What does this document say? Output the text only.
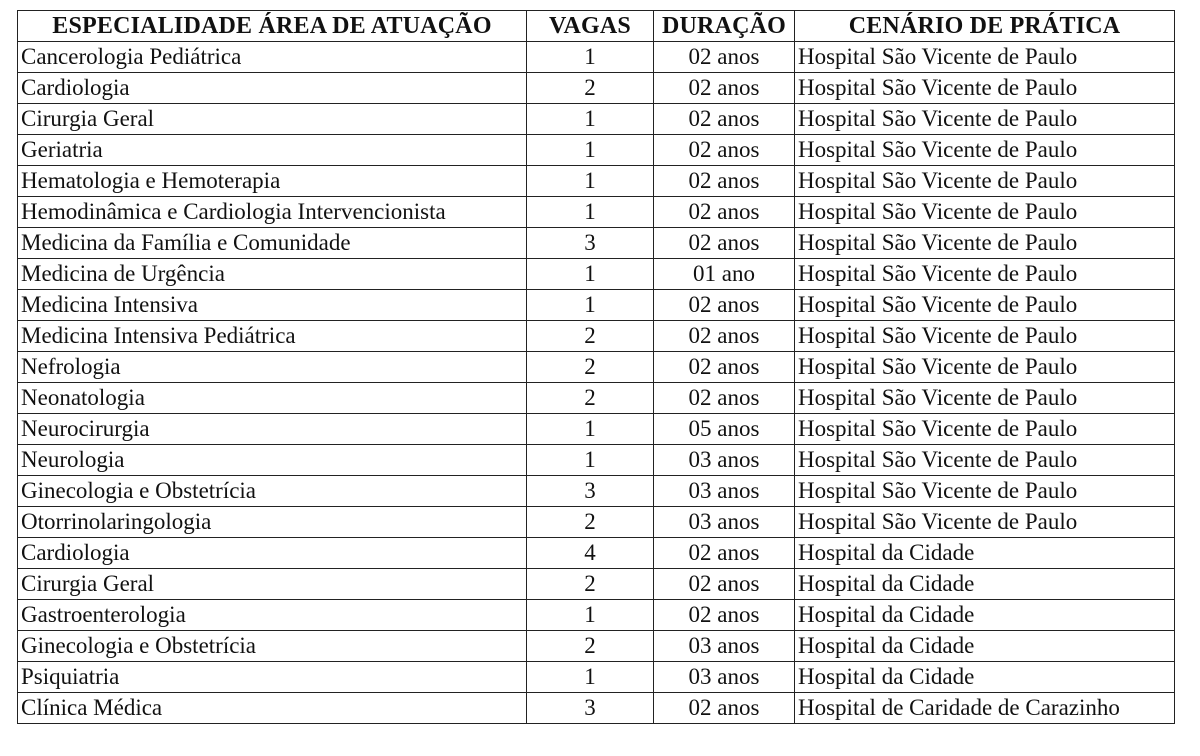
ESPECIALIDADE ÁREA DE ATUAÇÃO	VAGAS	DURAÇÃO	CENÁRIO DE PRÁTICA
Cancerologia Pediátrica	1	02 anos	Hospital São Vicente de Paulo
Cardiologia	2	02 anos	Hospital São Vicente de Paulo
Cirurgia Geral	1	02 anos	Hospital São Vicente de Paulo
Geriatria	1	02 anos	Hospital São Vicente de Paulo
Hematologia e Hemoterapia	1	02 anos	Hospital São Vicente de Paulo
Hemodinâmica e Cardiologia Intervencionista	1	02 anos	Hospital São Vicente de Paulo
Medicina da Família e Comunidade	3	02 anos	Hospital São Vicente de Paulo
Medicina de Urgência	1	01 ano	Hospital São Vicente de Paulo
Medicina Intensiva	1	02 anos	Hospital São Vicente de Paulo
Medicina Intensiva Pediátrica	2	02 anos	Hospital São Vicente de Paulo
Nefrologia	2	02 anos	Hospital São Vicente de Paulo
Neonatologia	2	02 anos	Hospital São Vicente de Paulo
Neurocirurgia	1	05 anos	Hospital São Vicente de Paulo
Neurologia	1	03 anos	Hospital São Vicente de Paulo
Ginecologia e Obstetrícia	3	03 anos	Hospital São Vicente de Paulo
Otorrinolaringologia	2	03 anos	Hospital São Vicente de Paulo
Cardiologia	4	02 anos	Hospital da Cidade
Cirurgia Geral	2	02 anos	Hospital da Cidade
Gastroenterologia	1	02 anos	Hospital da Cidade
Ginecologia e Obstetrícia	2	03 anos	Hospital da Cidade
Psiquiatria	1	03 anos	Hospital da Cidade
Clínica Médica	3	02 anos	Hospital de Caridade de Carazinho
